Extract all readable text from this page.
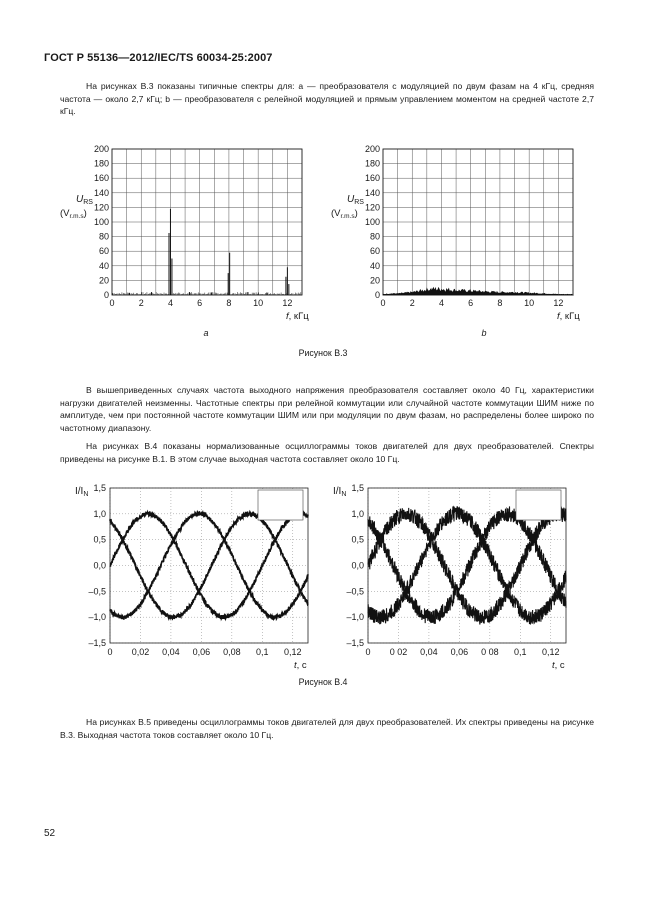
ГОСТ Р 55136—2012/IEC/TS 60034-25:2007
На рисунках В.3 показаны типичные спектры для: a — преобразователя с модуляцией по двум фазам на 4 кГц, средняя частота — около 2,7 кГц; b — преобразователя с релейной модуляцией и прямым управлением моментом на средней частоте 2,7 кГц.
0
20
40
60
80
100
120
140
160
180
200
0	2	4	6	8 10 12
$U_{RS}$
$(V_{r.m.s})$
f, кГц
0
20
40
60
80
100
120
140
160
180
200
0	2	4	6	8 10 12
$U_{RS}$
$(V_{r.m.s})$
f, кГц
a	b
Рисунок В.3
В вышеприведенных случаях частота выходного напряжения преобразователя составляет около 40 Гц, характеристики нагрузки двигателей неизменны. Частотные спектры при релейной коммутации или случайной частоте коммутации ШИМ ниже по амплитуде, чем при постоянной частоте коммутации ШИМ или при модуляции по двум фазам, но распределены более широко по частотному диапазону.
На рисунках В.4 показаны нормализованные осциллограммы токов двигателей для двух преобразователей. Спектры приведены на рисунке В.1. В этом случае выходная частота составляет около 10 Гц.
1,5
1,0
0,5
0,0
–0,5
–1,0
–1,5
0 0,02 0,04 0,06 0,08 0,1 0,12
$I/I_N$
t, с
1,5
1,0
0,5
0,0
–0,5
–1,0
–1,5
0 0 02 0,04 0,06 0 08 0,1 0,12
$I/I_N$
t, с
Рисунок В.4
На рисунках В.5 приведены осциллограммы токов двигателей для двух преобразователей. Их спектры приведены на рисунке В.3. Выходная частота токов составляет около 10 Гц.
52
